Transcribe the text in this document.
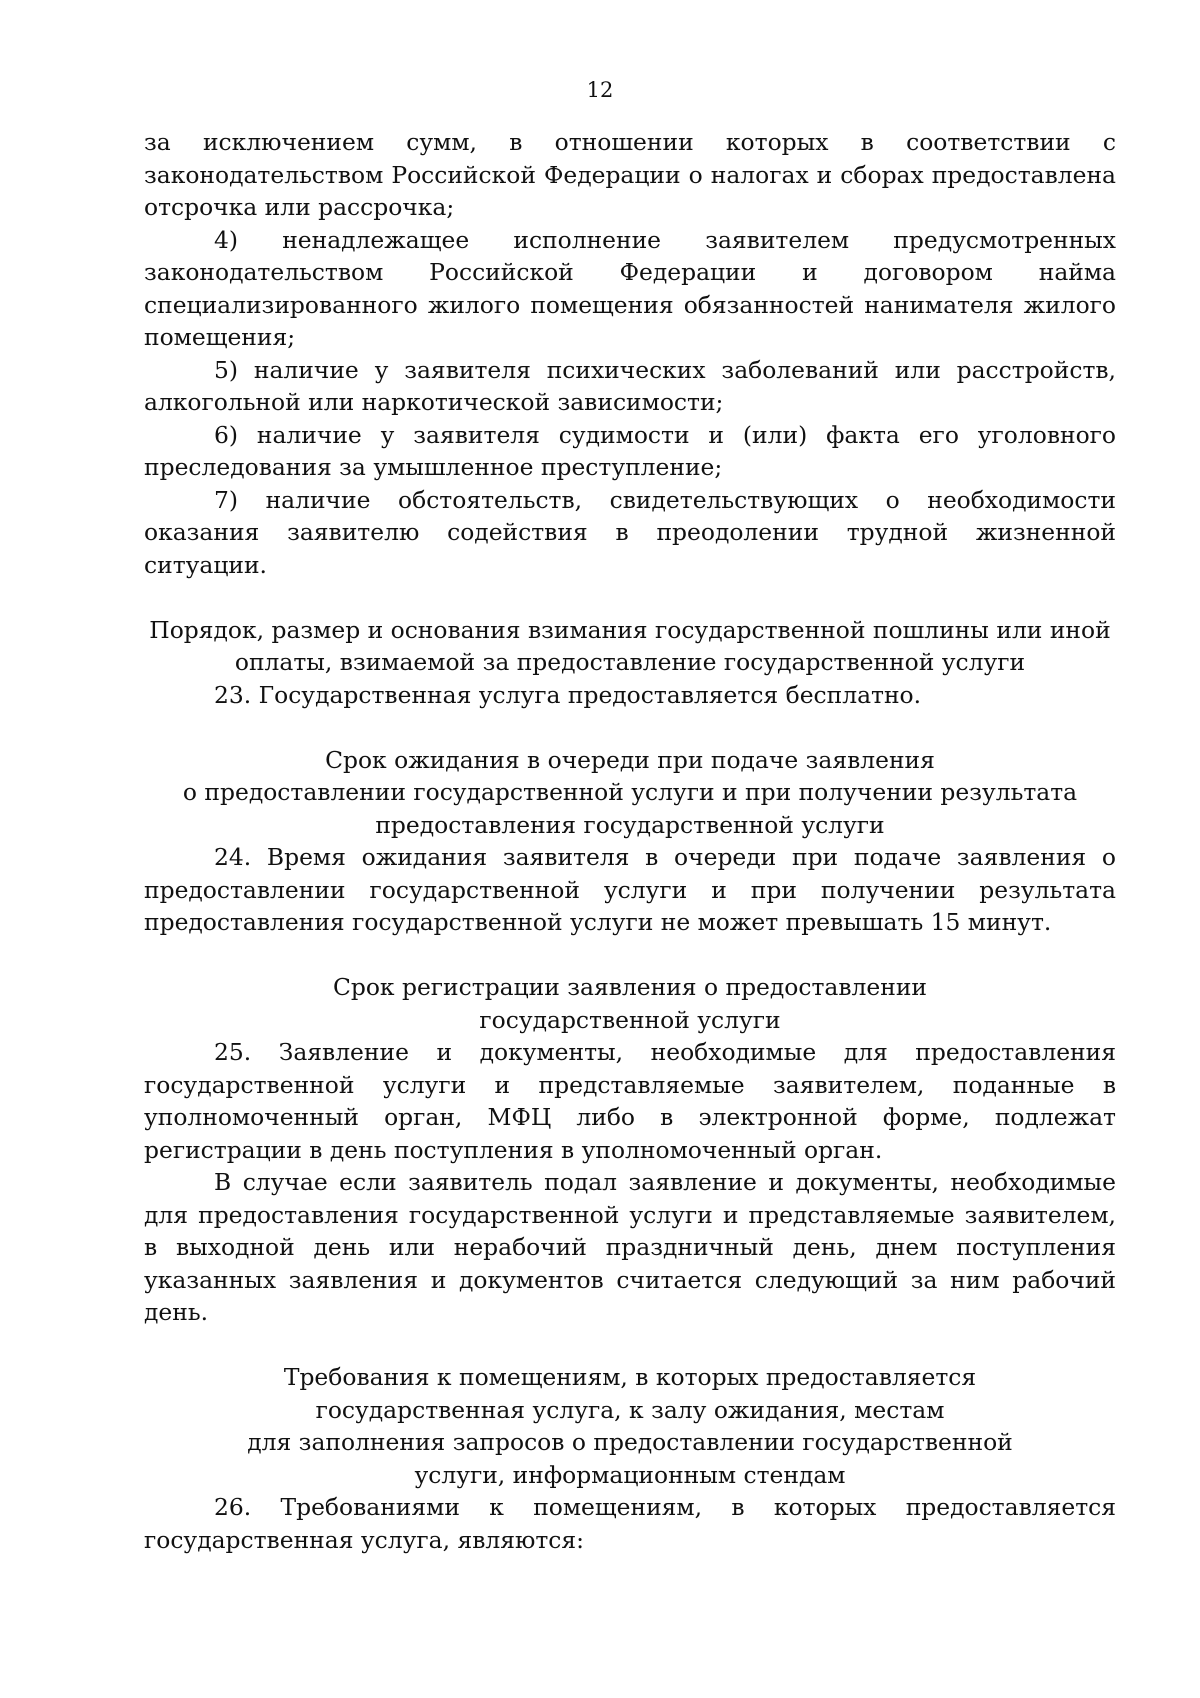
12

за исключением сумм, в отношении которых в соответствии с законодательством Российской Федерации о налогах и сборах предоставлена отсрочка или рассрочка;

4) ненадлежащее исполнение заявителем предусмотренных законодательством Российской Федерации и договором найма специализированного жилого помещения обязанностей нанимателя жилого помещения;

5) наличие у заявителя психических заболеваний или расстройств, алкогольной или наркотической зависимости;

6) наличие у заявителя судимости и (или) факта его уголовного преследования за умышленное преступление;

7) наличие обстоятельств, свидетельствующих о необходимости оказания заявителю содействия в преодолении трудной жизненной ситуации.

Порядок, размер и основания взимания государственной пошлины или иной

оплаты, взимаемой за предоставление государственной услуги

23. Государственная услуга предоставляется бесплатно.

Срок ожидания в очереди при подаче заявления

о предоставлении государственной услуги и при получении результата

предоставления государственной услуги

24. Время ожидания заявителя в очереди при подаче заявления о предоставлении государственной услуги и при получении результата предоставления государственной услуги не может превышать 15 минут.

Срок регистрации заявления о предоставлении

государственной услуги

25. Заявление и документы, необходимые для предоставления государственной услуги и представляемые заявителем, поданные в уполномоченный орган, МФЦ либо в электронной форме, подлежат регистрации в день поступления в уполномоченный орган.

В случае если заявитель подал заявление и документы, необходимые для предоставления государственной услуги и представляемые заявителем, в выходной день или нерабочий праздничный день, днем поступления указанных заявления и документов считается следующий за ним рабочий день.

Требования к помещениям, в которых предоставляется

государственная услуга, к залу ожидания, местам

для заполнения запросов о предоставлении государственной

услуги, информационным стендам

26. Требованиями к помещениям, в которых предоставляется государственная услуга, являются:
